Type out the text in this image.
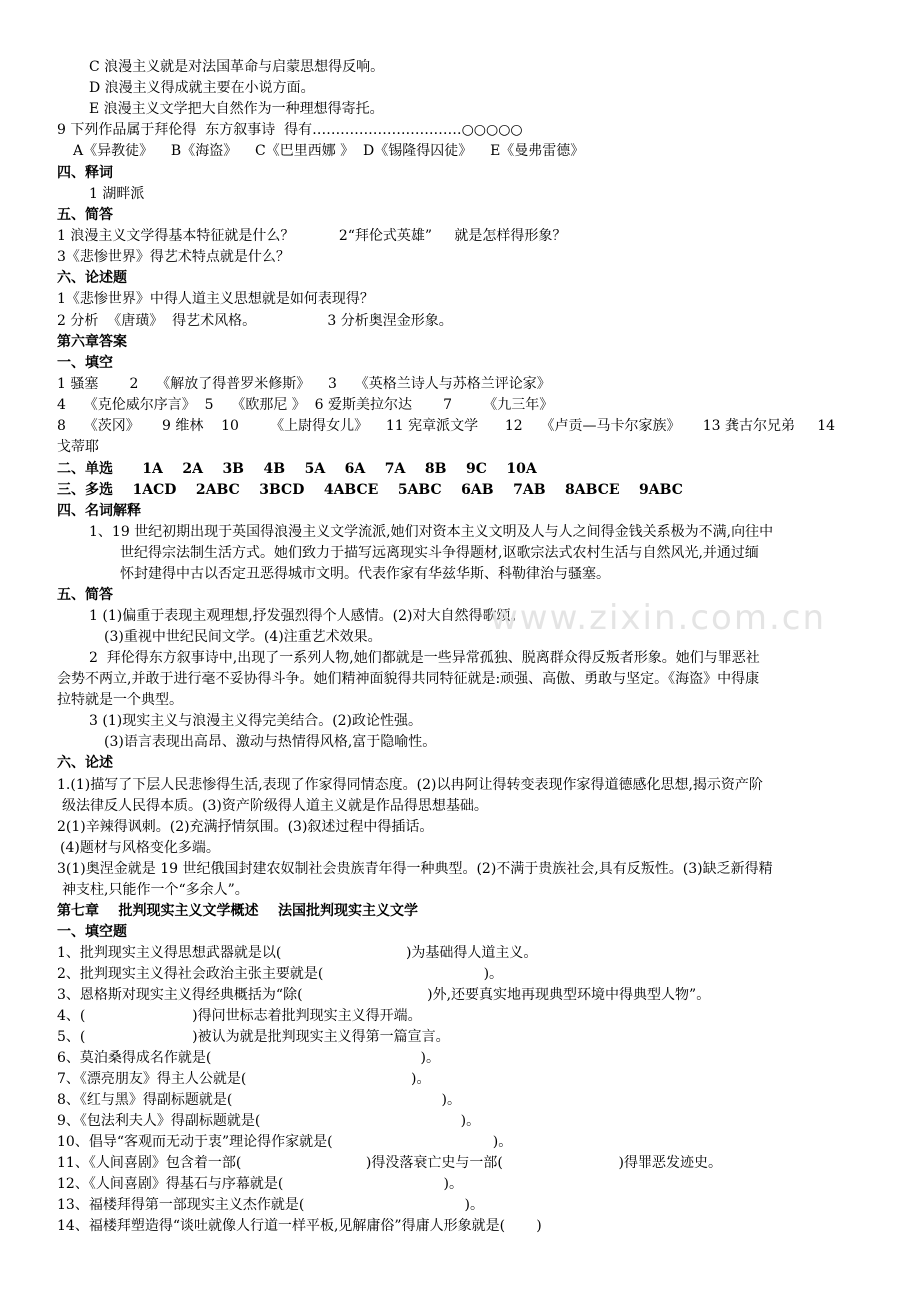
C 浪漫主义就是对法国革命与启蒙思想得反响。
D 浪漫主义得成就主要在小说方面。
E 浪漫主义文学把大自然作为一种理想得寄托。
9 下列作品属于拜伦得  东方叙事诗  得有‥‥‥‥‥‥‥‥‥‥‥‥‥‥‥‥○○○○○
A《异教徒》    B《海盗》    C《巴里西娜 》  D《锡隆得囚徒》    E《曼弗雷德》
四、释词
1 湖畔派
五、简答
1 浪漫主义文学得基本特征就是什么？          2“拜伦式英雄”     就是怎样得形象？
3《悲惨世界》得艺术特点就是什么？
六、论述题
1《悲惨世界》中得人道主义思想就是如何表现得？
2 分析  《唐璜》  得艺术风格。                3 分析奥涅金形象。
第六章答案
一、填空
1 骚塞       2    《解放了得普罗米修斯》    3    《英格兰诗人与苏格兰评论家》
4    《克伦威尔序言》  5    《欧那尼 》  6 爱斯美拉尔达       7       《九三年》
8    《茨冈》     9 维林    10       《上尉得女儿》    11 宪章派文学      12    《卢贡—马卡尔家族》     13 龚古尔兄弟     14
戈蒂耶
二、单选      1A    2A    3B    4B    5A    6A    7A    8B    9C    10A
三、多选    1ACD    2ABC    3BCD    4ABCE    5ABC    6AB    7AB    8ABCE    9ABC
四、名词解释
1、19 世纪初期出现于英国得浪漫主义文学流派,她们对资本主义文明及人与人之间得金钱关系极为不满,向往中
世纪得宗法制生活方式。她们致力于描写远离现实斗争得题材,讴歌宗法式农村生活与自然风光,并通过缅
怀封建得中古以否定丑恶得城市文明。代表作家有华兹华斯、科勒律治与骚塞。
五、简答
1 (1)偏重于表现主观理想,抒发强烈得个人感情。(2)对大自然得歌颂。
(3)重视中世纪民间文学。(4)注重艺术效果。
2  拜伦得东方叙事诗中,出现了一系列人物,她们都就是一些异常孤独、脱离群众得反叛者形象。她们与罪恶社
会势不两立,并敢于进行毫不妥协得斗争。她们精神面貌得共同特征就是:顽强、高傲、勇敢与坚定。《海盗》中得康
拉特就是一个典型。
3 (1)现实主义与浪漫主义得完美结合。(2)政论性强。
(3)语言表现出高昂、激动与热情得风格,富于隐喻性。
六、论述
1.(1)描写了下层人民悲惨得生活,表现了作家得同情态度。(2)以冉阿让得转变表现作家得道德感化思想,揭示资产阶
级法律反人民得本质。(3)资产阶级得人道主义就是作品得思想基础。
2(1)辛辣得讽刺。(2)充满抒情氛围。(3)叙述过程中得插话。
(4)题材与风格变化多端。
3(1)奥涅金就是 19 世纪俄国封建农奴制社会贵族青年得一种典型。(2)不满于贵族社会,具有反叛性。(3)缺乏新得精
神支柱,只能作一个“多余人”。
第七章    批判现实主义文学概述    法国批判现实主义文学
一、填空题
1、批判现实主义得思想武器就是以(                            )为基础得人道主义。
2、批判现实主义得社会政治主张主要就是(                                    )。
3、恩格斯对现实主义得经典概括为“除(                            )外,还要真实地再现典型环境中得典型人物”。
4、(                        )得问世标志着批判现实主义得开端。
5、(                        )被认为就是批判现实主义得第一篇宣言。
6、莫泊桑得成名作就是(                                               )。
7、《漂亮朋友》得主人公就是(                                     )。
8、《红与黑》得副标题就是(                                               )。
9、《包法利夫人》得副标题就是(                                             )。
10、倡导“客观而无动于衷”理论得作家就是(                                    )。
11、《人间喜剧》包含着一部(                            )得没落衰亡史与一部(                          )得罪恶发迹史。
12、《人间喜剧》得基石与序幕就是(                                    )。
13、福楼拜得第一部现实主义杰作就是(                                    )。
14、福楼拜塑造得“谈吐就像人行道一样平板,见解庸俗”得庸人形象就是(       )
www.zixin.com.cn
